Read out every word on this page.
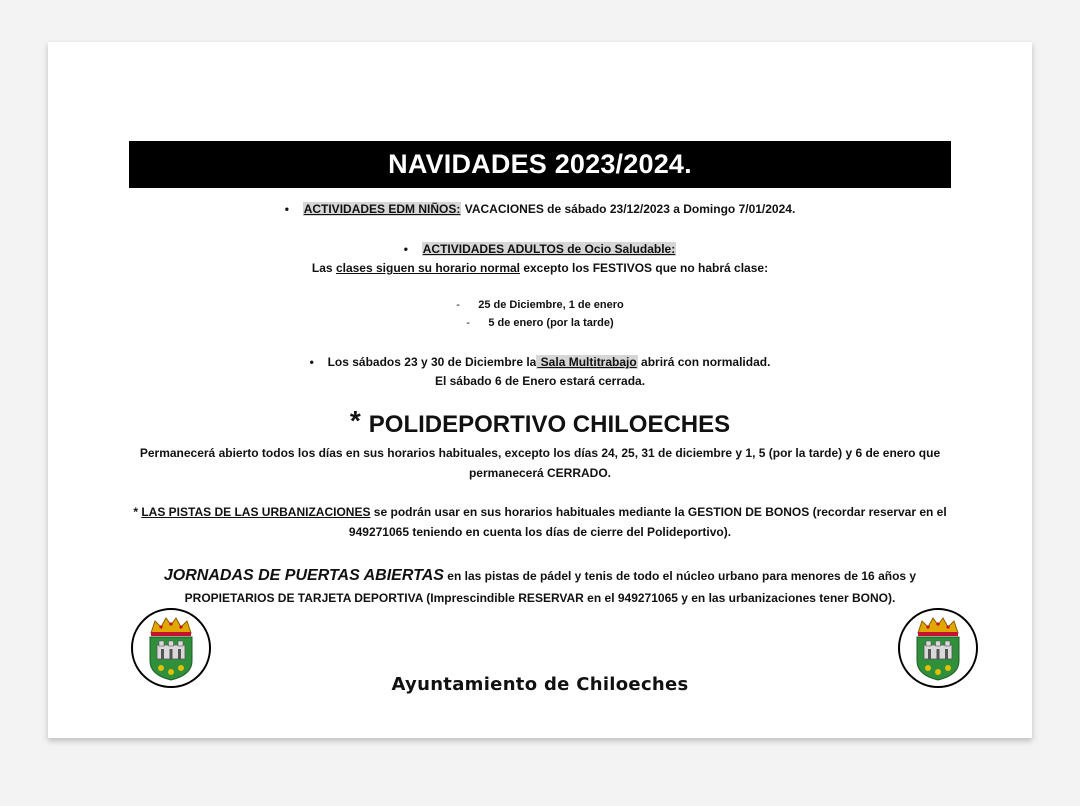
NAVIDADES 2023/2024.
• ACTIVIDADES EDM NIÑOS: VACACIONES de sábado 23/12/2023 a Domingo 7/01/2024.
• ACTIVIDADES ADULTOS de Ocio Saludable:
Las clases siguen su horario normal excepto los FESTIVOS que no habrá clase:
- 25 de Diciembre, 1 de enero
- 5 de enero (por la tarde)
• Los sábados 23 y 30 de Diciembre la Sala Multitrabajo abrirá con normalidad.
El sábado 6 de Enero estará cerrada.
* POLIDEPORTIVO CHILOECHES
Permanecerá abierto todos los días en sus horarios habituales, excepto los días 24, 25, 31 de diciembre y 1, 5 (por la tarde) y 6 de enero que
permanecerá CERRADO.
* LAS PISTAS DE LAS URBANIZACIONES se podrán usar en sus horarios habituales mediante la GESTION DE BONOS (recordar reservar en el
949271065 teniendo en cuenta los días de cierre del Polideportivo).
JORNADAS DE PUERTAS ABIERTAS en las pistas de pádel y tenis de todo el núcleo urbano para menores de 16 años y
PROPIETARIOS DE TARJETA DEPORTIVA (Imprescindible RESERVAR en el 949271065 y en las urbanizaciones tener BONO).
Ayuntamiento de Chiloeches
